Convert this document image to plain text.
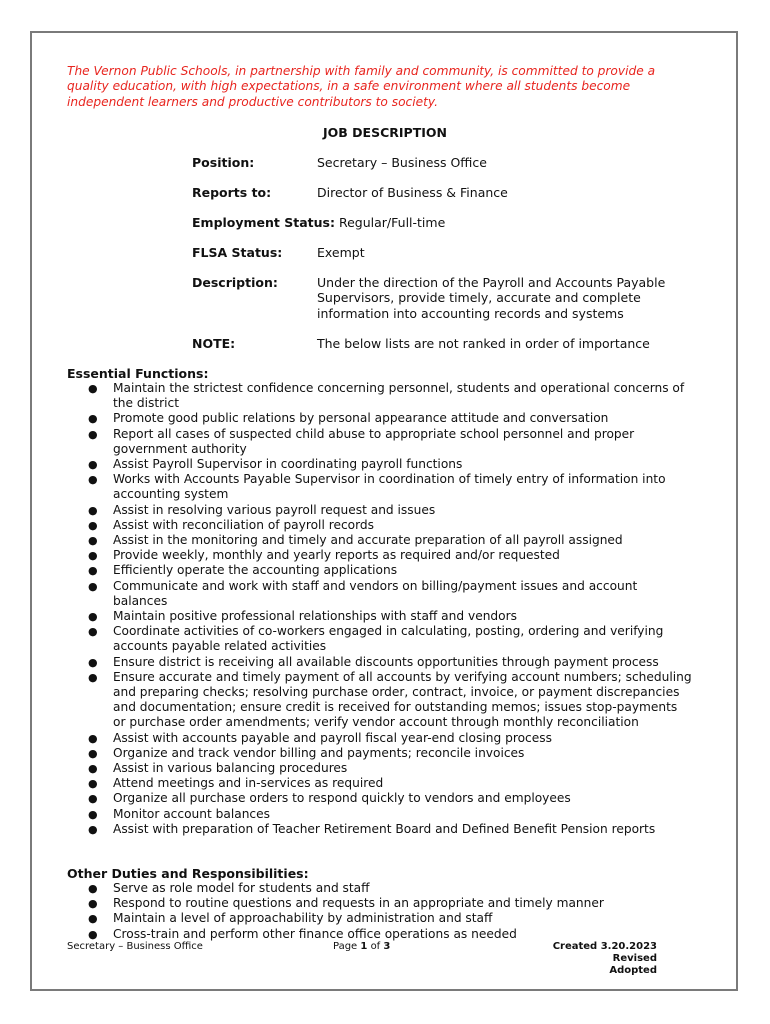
The Vernon Public Schools, in partnership with family and community, is committed to provide a quality education, with high expectations, in a safe environment where all students become independent learners and productive contributors to society.
JOB DESCRIPTION
Position:	Secretary – Business Office
Reports to:	Director of Business & Finance
Employment Status: Regular/Full-time
FLSA Status:	Exempt
Description:	Under the direction of the Payroll and Accounts Payable Supervisors, provide timely, accurate and complete information into accounting records and systems
NOTE:	The below lists are not ranked in order of importance
Essential Functions:
● Maintain the strictest confidence concerning personnel, students and operational concerns of the district
● Promote good public relations by personal appearance attitude and conversation
● Report all cases of suspected child abuse to appropriate school personnel and proper government authority
● Assist Payroll Supervisor in coordinating payroll functions
● Works with Accounts Payable Supervisor in coordination of timely entry of information into accounting system
● Assist in resolving various payroll request and issues
● Assist with reconciliation of payroll records
● Assist in the monitoring and timely and accurate preparation of all payroll assigned
● Provide weekly, monthly and yearly reports as required and/or requested
● Efficiently operate the accounting applications
● Communicate and work with staff and vendors on billing/payment issues and account balances
● Maintain positive professional relationships with staff and vendors
● Coordinate activities of co-workers engaged in calculating, posting, ordering and verifying accounts payable related activities
● Ensure district is receiving all available discounts opportunities through payment process
● Ensure accurate and timely payment of all accounts by verifying account numbers; scheduling and preparing checks; resolving purchase order, contract, invoice, or payment discrepancies and documentation; ensure credit is received for outstanding memos; issues stop-payments or purchase order amendments; verify vendor account through monthly reconciliation
● Assist with accounts payable and payroll fiscal year-end closing process
● Organize and track vendor billing and payments; reconcile invoices
● Assist in various balancing procedures
● Attend meetings and in-services as required
● Organize all purchase orders to respond quickly to vendors and employees
● Monitor account balances
● Assist with preparation of Teacher Retirement Board and Defined Benefit Pension reports
Other Duties and Responsibilities:
● Serve as role model for students and staff
● Respond to routine questions and requests in an appropriate and timely manner
● Maintain a level of approachability by administration and staff
● Cross-train and perform other finance office operations as needed
Secretary – Business Office	Page 1 of 3	Created 3.20.2023
Revised
Adopted
